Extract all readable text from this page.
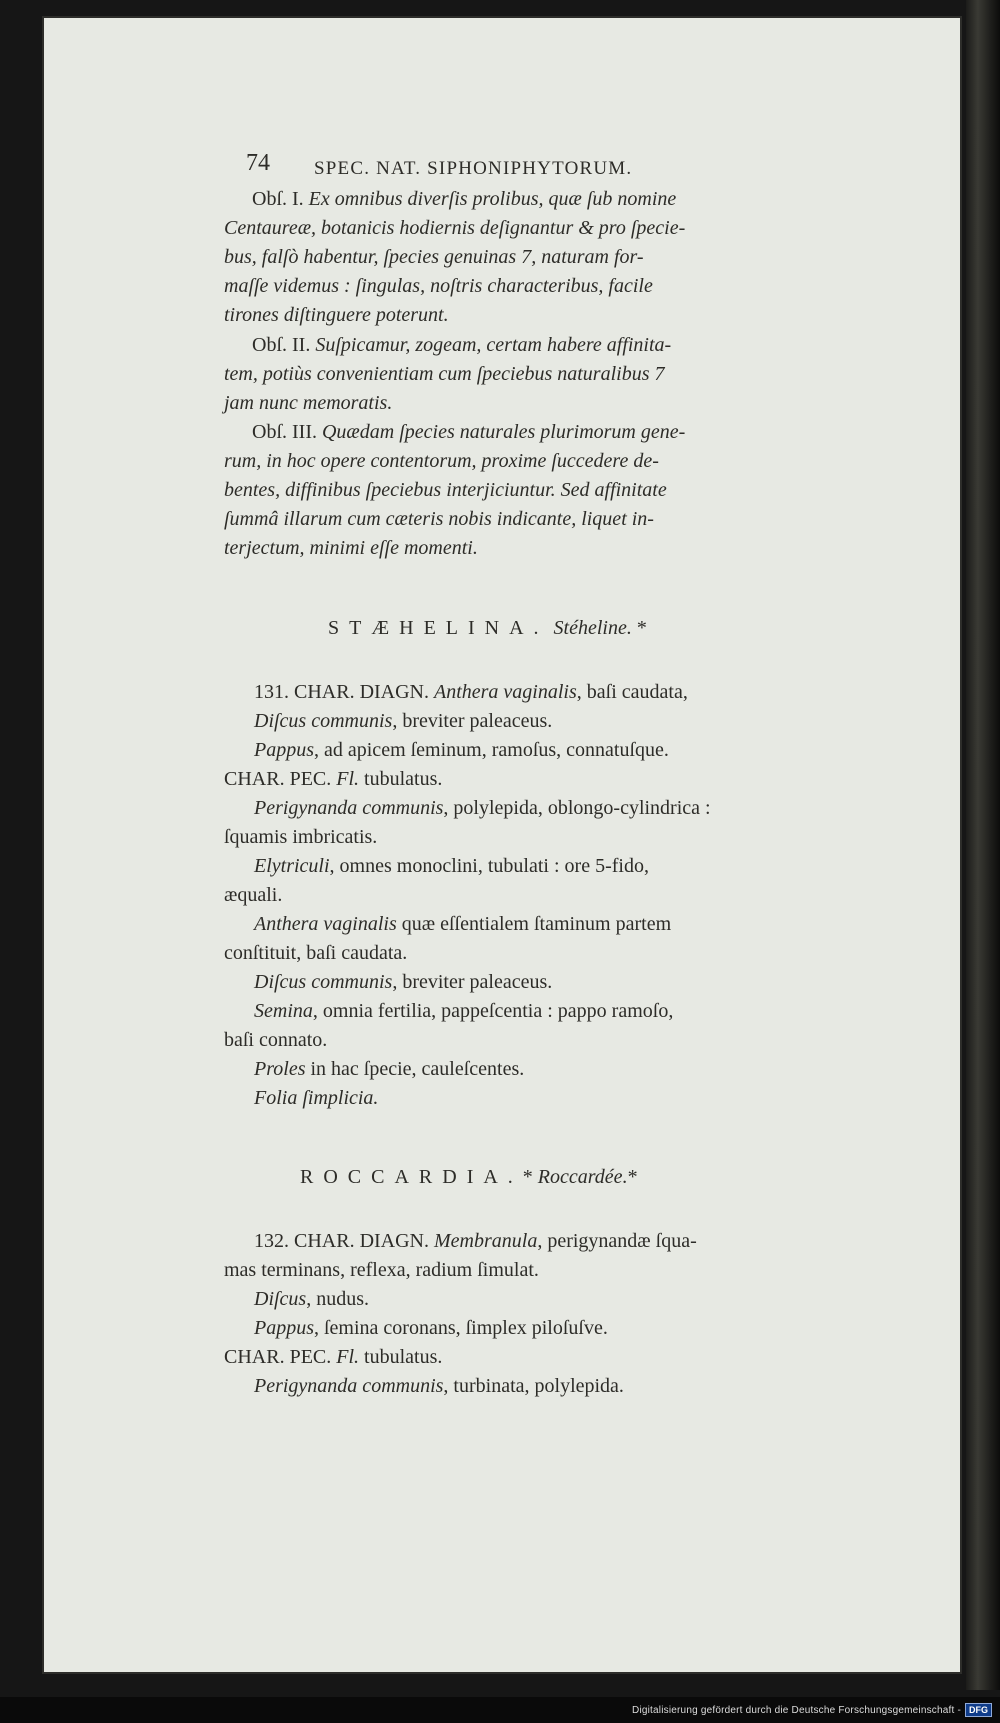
74 SPEC. NAT. SIPHONIPHYTORUM.
Obſ. I. Ex omnibus diverſis prolibus, quæ ſub nomine
Centaureæ, botanicis hodiernis deſignantur & pro ſpecie-
bus, falſò habentur, ſpecies genuinas 7, naturam for-
maſſe videmus : ſingulas, noſtris characteribus, facile
tirones diſtinguere poterunt.
Obſ. II. Suſpicamur, zogeam, certam habere affinita-
tem, potiùs convenientiam cum ſpeciebus naturalibus 7
jam nunc memoratis.
Obſ. III. Quædam ſpecies naturales plurimorum gene-
rum, in hoc opere contentorum, proxime ſuccedere de-
bentes, diffinibus ſpeciebus interjiciuntur. Sed affinitate
ſummâ illarum cum cæteris nobis indicante, liquet in-
terjectum, minimi eſſe momenti.
STÆHELINA. Stéheline. *
131. CHAR. DIAGN. Anthera vaginalis, baſi caudata,
Diſcus communis, breviter paleaceus.
Pappus, ad apicem ſeminum, ramoſus, connatuſque.
CHAR. PEC. Fl. tubulatus.
Perigynanda communis, polylepida, oblongo-cylindrica :
ſquamis imbricatis.
Elytriculi, omnes monoclini, tubulati : ore 5-fido,
æquali.
Anthera vaginalis quæ eſſentialem ſtaminum partem
conſtituit, baſi caudata.
Diſcus communis, breviter paleaceus.
Semina, omnia fertilia, pappeſcentia : pappo ramoſo,
baſi connato.
Proles in hac ſpecie, cauleſcentes.
Folia ſimplicia.
ROCCARDIA.* Roccardée.*
132. CHAR. DIAGN. Membranula, perigynandæ ſqua-
mas terminans, reflexa, radium ſimulat.
Diſcus, nudus.
Pappus, ſemina coronans, ſimplex piloſuſve.
CHAR. PEC. Fl. tubulatus.
Perigynanda communis, turbinata, polylepida.
Digitalisierung gefördert durch die Deutsche Forschungsgemeinschaft - DFG
